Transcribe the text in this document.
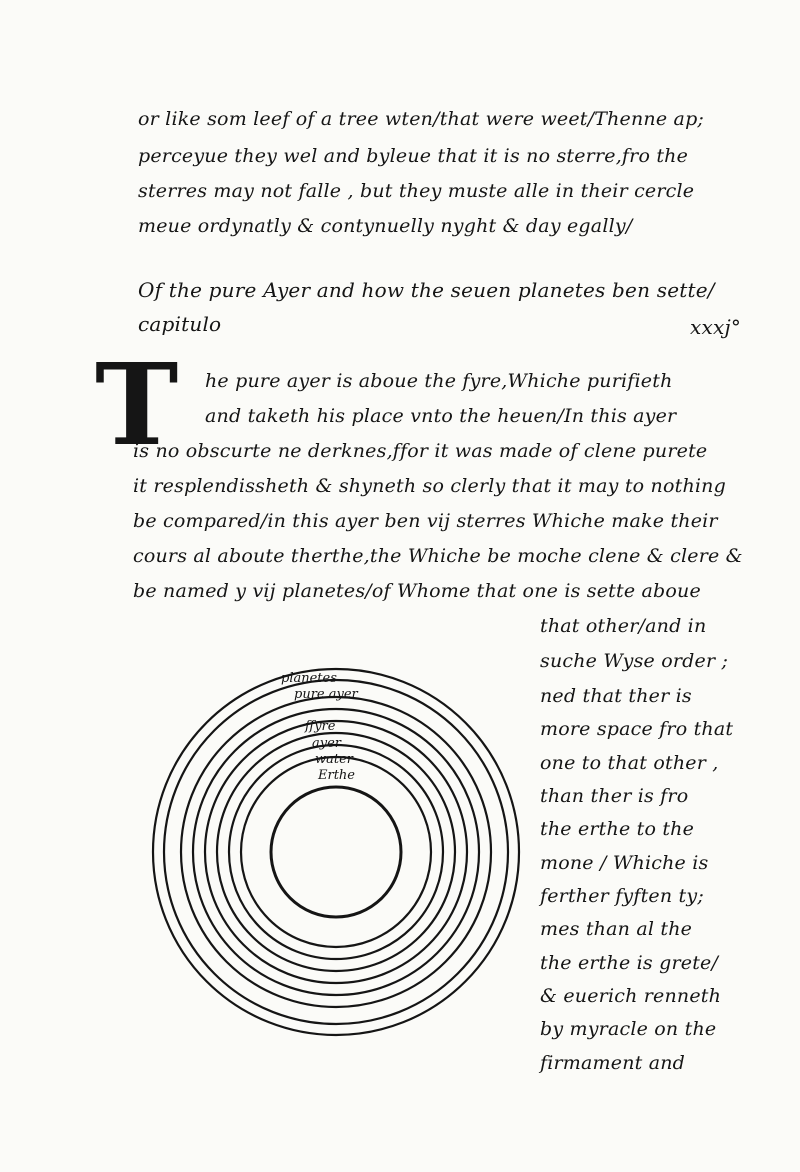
or like som leef of a tree wten/that were weet/Thenne ap;
perceyue they wel and byleue that it is no sterre,fro the
sterres may not falle , but they muste alle in their cercle
meue ordynatly & contynuelly nyght & day egally/
Of the pure Ayer and how the seuen planetes ben sette/
capitulo	xxxj°
T he pure ayer is aboue the fyre,Whiche purifieth
and taketh his place vnto the heuen/In this ayer
is no obscurte ne derknes,ffor it was made of clene purete
it resplendissheth & shyneth so clerly that it may to nothing
be compared/in this ayer ben vij sterres Whiche make their
cours al aboute therthe,the Whiche be moche clene & clere &
be named y vij planetes/of Whome that one is sette aboue
that other/and in
suche Wyse order ;
ned that ther is
more space fro that
one to that other ,
than ther is fro
the erthe to the
mone / Whiche is
ferther fyften ty;
mes than al the
the erthe is grete/
& euerich renneth
by myracle on the
firmament and
planetes
pure ayer
ffyre
ayer
water
Erthe
